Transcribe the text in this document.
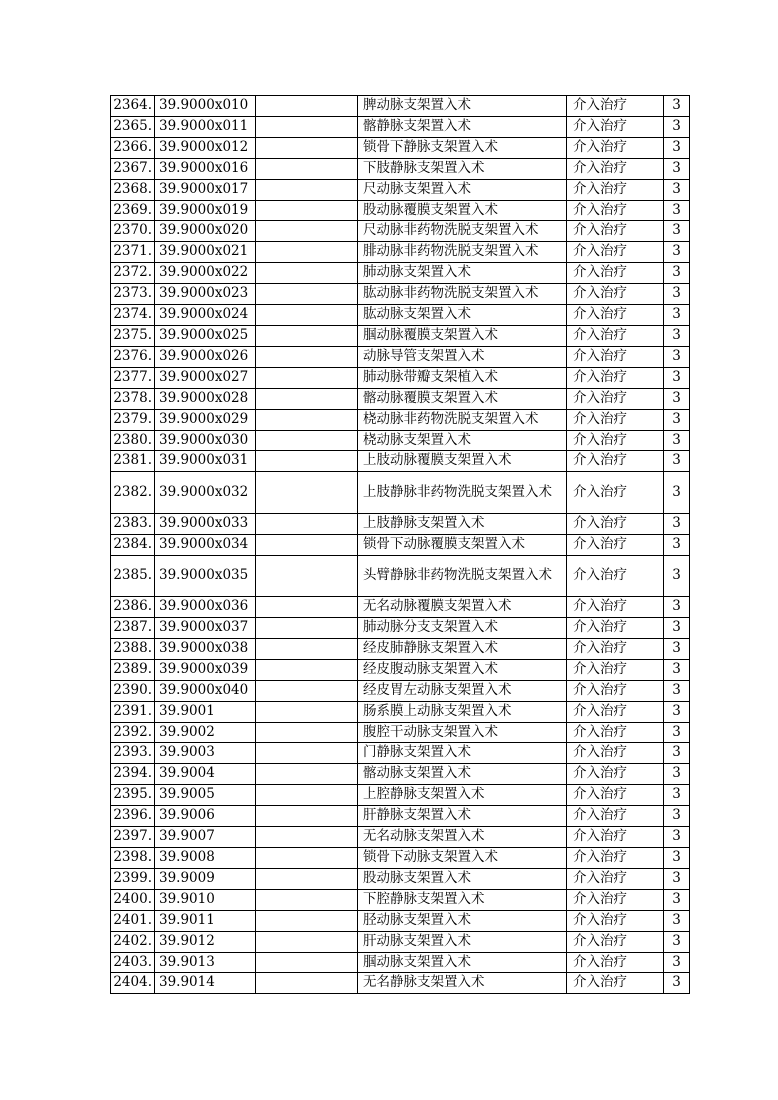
2364.	39.9000x010		脾动脉支架置入术	介入治疗	3
2365.	39.9000x011		髂静脉支架置入术	介入治疗	3
2366.	39.9000x012		锁骨下静脉支架置入术	介入治疗	3
2367.	39.9000x016		下肢静脉支架置入术	介入治疗	3
2368.	39.9000x017		尺动脉支架置入术	介入治疗	3
2369.	39.9000x019		股动脉覆膜支架置入术	介入治疗	3
2370.	39.9000x020		尺动脉非药物洗脱支架置入术	介入治疗	3
2371.	39.9000x021		腓动脉非药物洗脱支架置入术	介入治疗	3
2372.	39.9000x022		肺动脉支架置入术	介入治疗	3
2373.	39.9000x023		肱动脉非药物洗脱支架置入术	介入治疗	3
2374.	39.9000x024		肱动脉支架置入术	介入治疗	3
2375.	39.9000x025		腘动脉覆膜支架置入术	介入治疗	3
2376.	39.9000x026		动脉导管支架置入术	介入治疗	3
2377.	39.9000x027		肺动脉带瓣支架植入术	介入治疗	3
2378.	39.9000x028		髂动脉覆膜支架置入术	介入治疗	3
2379.	39.9000x029		桡动脉非药物洗脱支架置入术	介入治疗	3
2380.	39.9000x030		桡动脉支架置入术	介入治疗	3
2381.	39.9000x031		上肢动脉覆膜支架置入术	介入治疗	3
2382.	39.9000x032		上肢静脉非药物洗脱支架置入术	介入治疗	3
2383.	39.9000x033		上肢静脉支架置入术	介入治疗	3
2384.	39.9000x034		锁骨下动脉覆膜支架置入术	介入治疗	3
2385.	39.9000x035		头臂静脉非药物洗脱支架置入术	介入治疗	3
2386.	39.9000x036		无名动脉覆膜支架置入术	介入治疗	3
2387.	39.9000x037		肺动脉分支支架置入术	介入治疗	3
2388.	39.9000x038		经皮肺静脉支架置入术	介入治疗	3
2389.	39.9000x039		经皮腹动脉支架置入术	介入治疗	3
2390.	39.9000x040		经皮胃左动脉支架置入术	介入治疗	3
2391.	39.9001		肠系膜上动脉支架置入术	介入治疗	3
2392.	39.9002		腹腔干动脉支架置入术	介入治疗	3
2393.	39.9003		门静脉支架置入术	介入治疗	3
2394.	39.9004		髂动脉支架置入术	介入治疗	3
2395.	39.9005		上腔静脉支架置入术	介入治疗	3
2396.	39.9006		肝静脉支架置入术	介入治疗	3
2397.	39.9007		无名动脉支架置入术	介入治疗	3
2398.	39.9008		锁骨下动脉支架置入术	介入治疗	3
2399.	39.9009		股动脉支架置入术	介入治疗	3
2400.	39.9010		下腔静脉支架置入术	介入治疗	3
2401.	39.9011		胫动脉支架置入术	介入治疗	3
2402.	39.9012		肝动脉支架置入术	介入治疗	3
2403.	39.9013		腘动脉支架置入术	介入治疗	3
2404.	39.9014		无名静脉支架置入术	介入治疗	3
